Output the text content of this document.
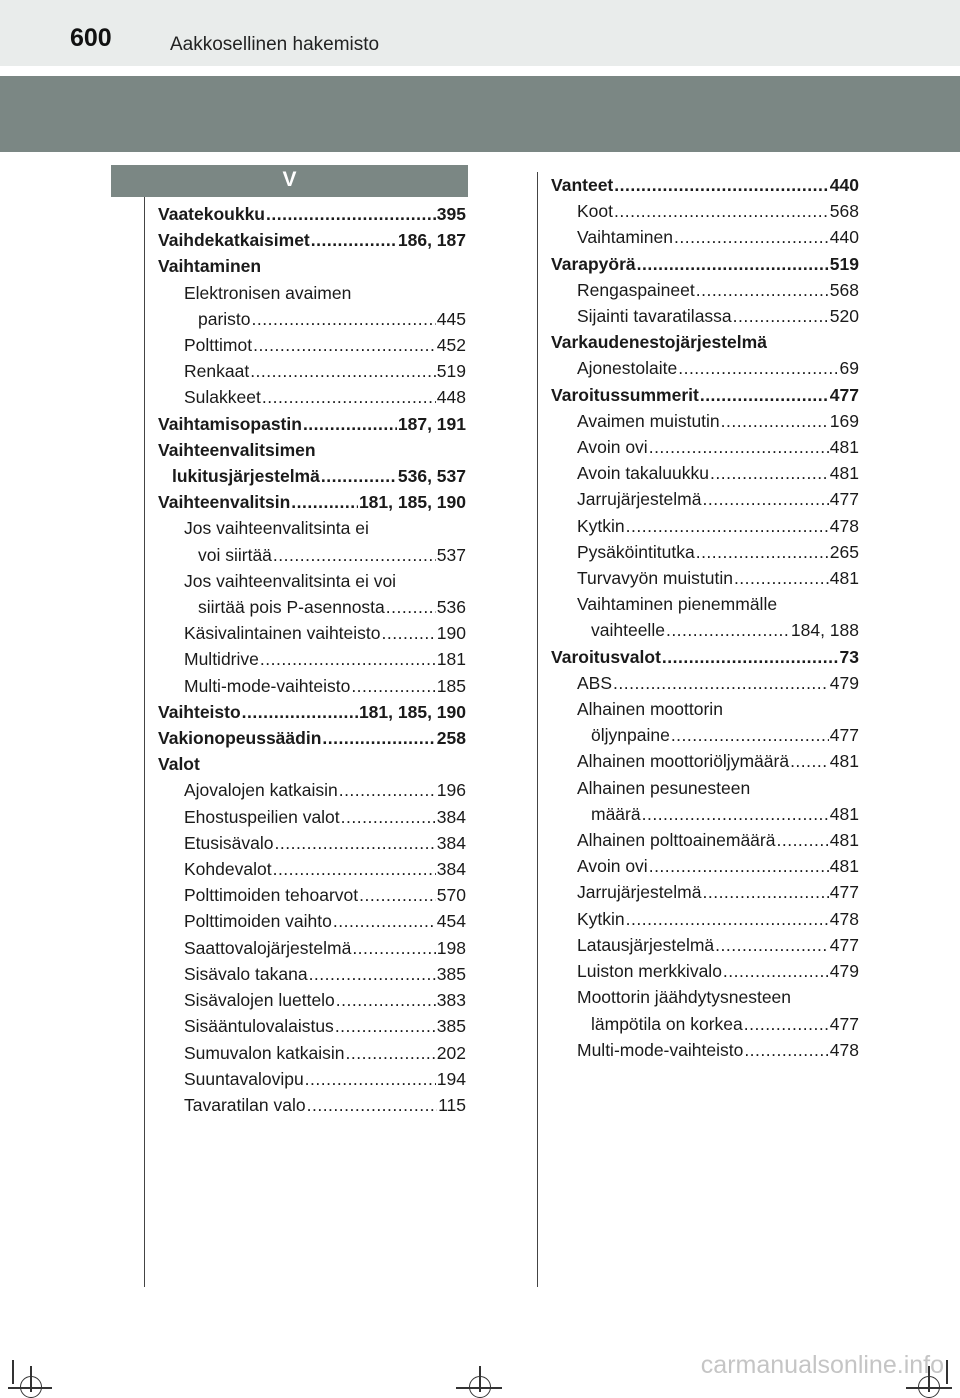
600	Aakkosellinen hakemisto
V
Vaatekoukku .....	395
Vaihdekatkaisimet .....	186, 187
Vaihtaminen
Elektronisen avaimen
paristo .....	445
Polttimot .....	452
Renkaat .....	519
Sulakkeet .....	448
Vaihtamisopastin .....	187, 191
Vaihteenvalitsimen
lukitusjärjestelmä .....	536, 537
Vaihteenvalitsin .....	181, 185, 190
Jos vaihteenvalitsinta ei
voi siirtää .....	537
Jos vaihteenvalitsinta ei voi
siirtää pois P-asennosta .....	536
Käsivalintainen vaihteisto .....	190
Multidrive .....	181
Multi-mode-vaihteisto .....	185
Vaihteisto .....	181, 185, 190
Vakionopeussäädin .....	258
Valot
Ajovalojen katkaisin .....	196
Ehostuspeilien valot .....	384
Etusisävalo .....	384
Kohdevalot .....	384
Polttimoiden tehoarvot .....	570
Polttimoiden vaihto .....	454
Saattovalojärjestelmä .....	198
Sisävalo takana .....	385
Sisävalojen luettelo .....	383
Sisääntulovalaistus .....	385
Sumuvalon katkaisin .....	202
Suuntavalovipu .....	194
Tavaratilan valo .....	115
Vanteet .....	440
Koot .....	568
Vaihtaminen .....	440
Varapyörä .....	519
Rengaspaineet .....	568
Sijainti tavaratilassa .....	520
Varkaudenestojärjestelmä
Ajonestolaite .....	69
Varoitussummerit .....	477
Avaimen muistutin .....	169
Avoin ovi .....	481
Avoin takaluukku .....	481
Jarrujärjestelmä .....	477
Kytkin .....	478
Pysäköintitutka .....	265
Turvavyön muistutin .....	481
Vaihtaminen pienemmälle
vaihteelle .....	184, 188
Varoitusvalot .....	73
ABS .....	479
Alhainen moottorin
öljynpaine .....	477
Alhainen moottoriöljymäärä ..... 481
Alhainen pesunesteen
määrä .....	481
Alhainen polttoainemäärä .....	481
Avoin ovi .....	481
Jarrujärjestelmä .....	477
Kytkin .....	478
Latausjärjestelmä .....	477
Luiston merkkivalo .....	479
Moottorin jäähdytysnesteen
lämpötila on korkea .....	477
Multi-mode-vaihteisto .....	478
carmanualsonline.info
